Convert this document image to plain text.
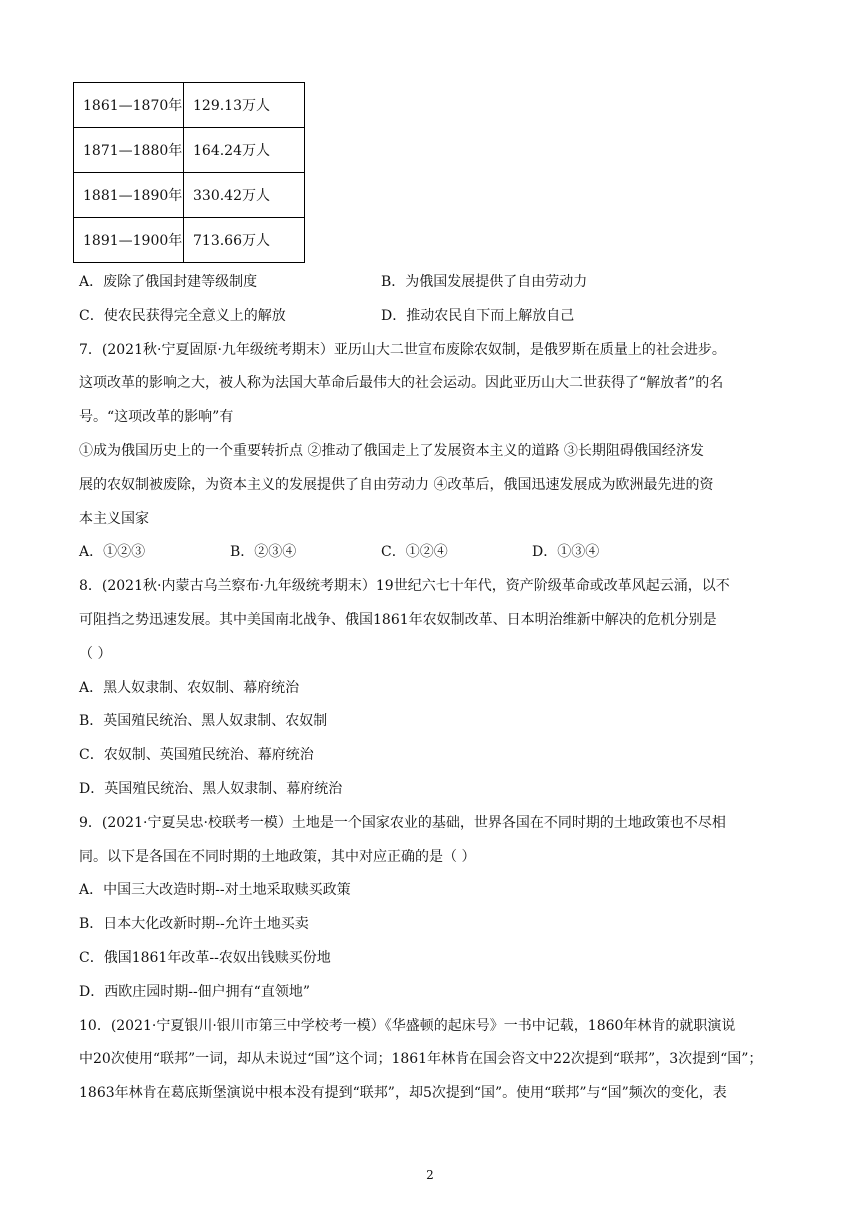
1861—1870年	129.13万人
1871—1880年	164.24万人
1881—1890年	330.42万人
1891—1900年	713.66万人
A．废除了俄国封建等级制度	B．为俄国发展提供了自由劳动力
C．使农民获得完全意义上的解放	D．推动农民自下而上解放自己
7．(2021秋·宁夏固原·九年级统考期末）亚历山大二世宣布废除农奴制，是俄罗斯在质量上的社会进步。
这项改革的影响之大，被人称为法国大革命后最伟大的社会运动。因此亚历山大二世获得了“解放者”的名
号。“这项改革的影响”有
①成为俄国历史上的一个重要转折点 ②推动了俄国走上了发展资本主义的道路 ③长期阻碍俄国经济发
展的农奴制被废除，为资本主义的发展提供了自由劳动力 ④改革后，俄国迅速发展成为欧洲最先进的资
本主义国家
A．①②③	B．②③④	C．①②④	D．①③④
8．(2021秋·内蒙古乌兰察布·九年级统考期末）19世纪六七十年代，资产阶级革命或改革风起云涌，以不
可阻挡之势迅速发展。其中美国南北战争、俄国1861年农奴制改革、日本明治维新中解决的危机分别是
（ ）
A．黑人奴隶制、农奴制、幕府统治
B．英国殖民统治、黑人奴隶制、农奴制
C．农奴制、英国殖民统治、幕府统治
D．英国殖民统治、黑人奴隶制、幕府统治
9．(2021·宁夏吴忠·校联考一模）土地是一个国家农业的基础，世界各国在不同时期的土地政策也不尽相
同。以下是各国在不同时期的土地政策，其中对应正确的是（ ）
A．中国三大改造时期--对土地采取赎买政策
B．日本大化改新时期--允许土地买卖
C．俄国1861年改革--农奴出钱赎买份地
D．西欧庄园时期--佃户拥有“直领地”
10．(2021·宁夏银川·银川市第三中学校考一模）《华盛顿的起床号》一书中记载，1860年林肯的就职演说
中20次使用“联邦”一词，却从未说过“国”这个词；1861年林肯在国会咨文中22次提到“联邦”，3次提到“国”；
1863年林肯在葛底斯堡演说中根本没有提到“联邦”，却5次提到“国”。使用“联邦”与“国”频次的变化，表
2
